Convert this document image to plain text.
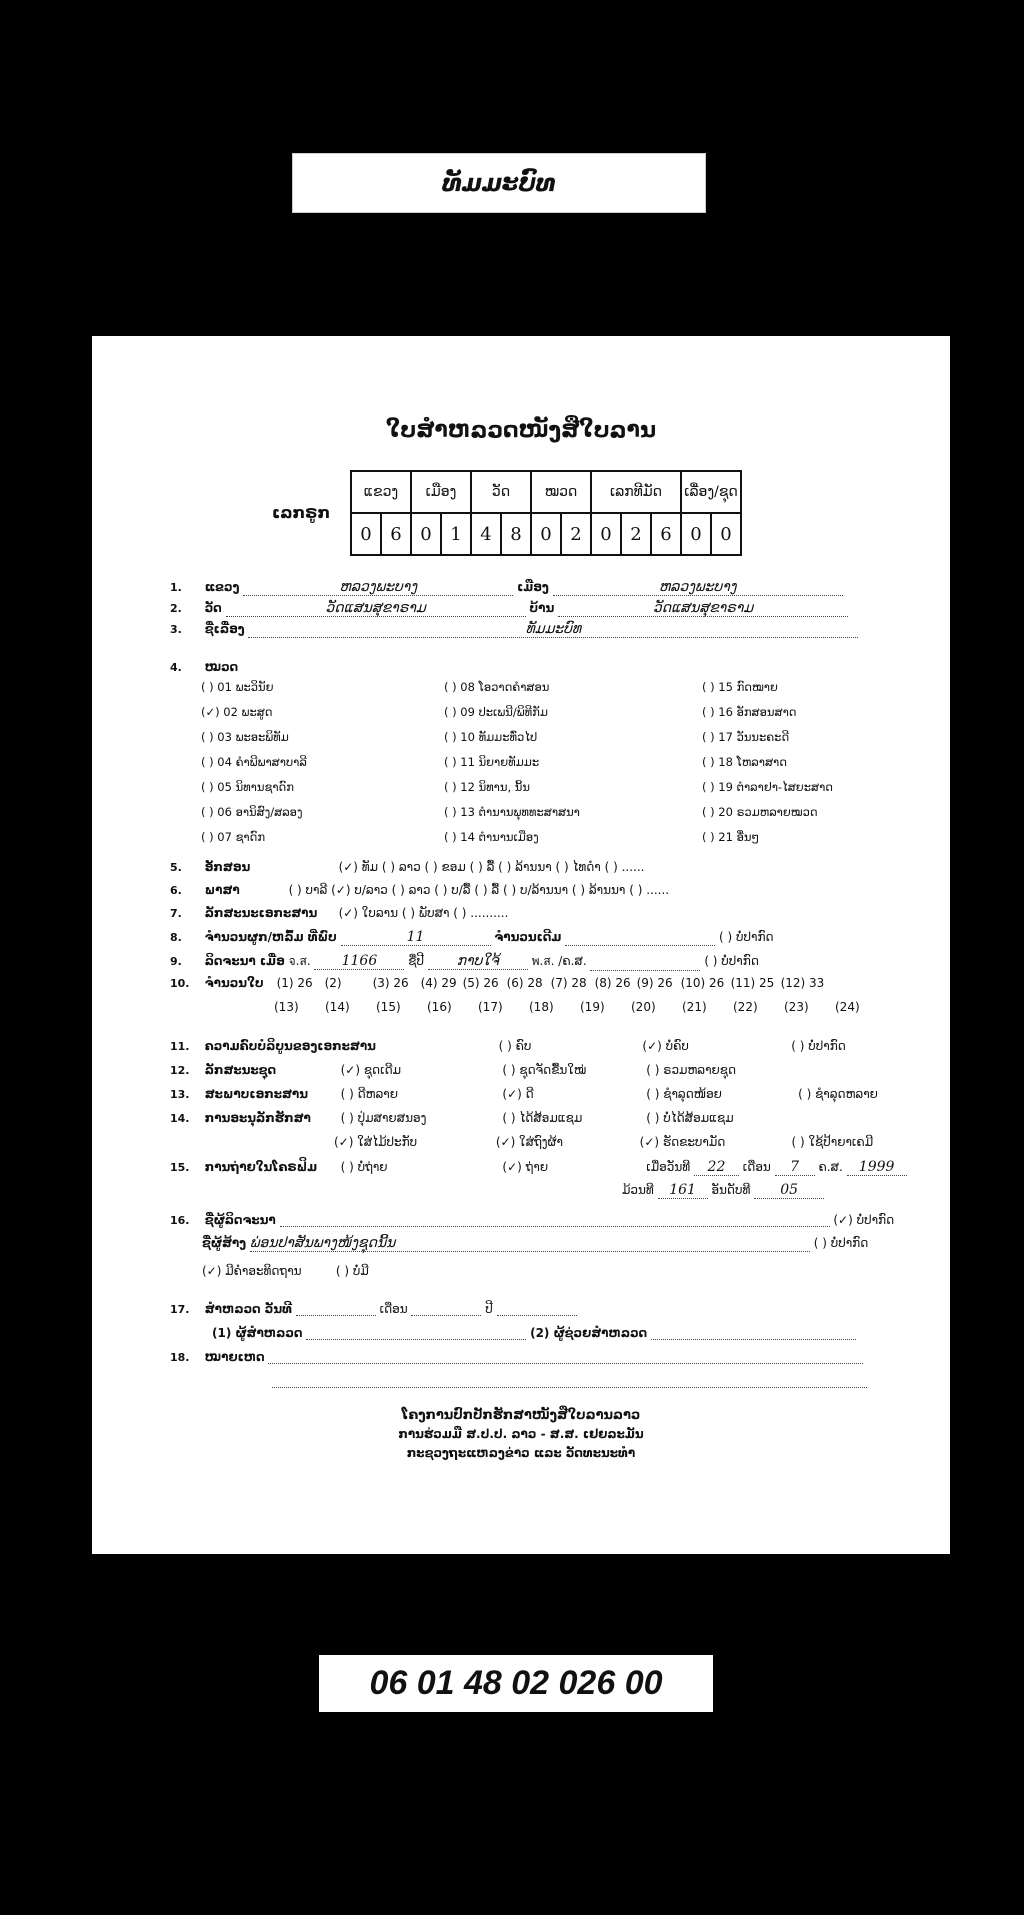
ທັມມະບົທ
ໃບສຳຫລວດໜັງສືໃບລານ
ເລກຣູກ
ແຂວງ		ເມືອງ		ວັດ		ໝວດ		ເລກທີມັດ			ເລື່ອງ/ຊຸດ	
0	6	0	1	4	8	0	2	0	2	6	0	0
1. ແຂວງ	ຫລວງພະບາງ	ເມືອງ	ຫລວງພະບາງ
2. ວັດ	ວັດແສນສຸຂາຣາມ	ບ້ານ	ວັດແສນສຸຂາຣາມ
3. ຊື່ເລື່ອງ	ທັມມະບົທ
4. ໝວດ
( ) 01 ພະວິນັຍ
(✓) 02 ພະສູດ
( ) 03 ພະອະພິທັມ
( ) 04 ຄຳພີພາສາບາລີ
( ) 05 ນິທານຊາດົກ
( ) 06 ອານິສົງ/ສລອງ
( ) 07 ຊາດົກ
( ) 08 ໂອວາດຄຳສອນ
( ) 09 ປະເພນີ/ພິທີກັມ
( ) 10 ທັມມະທົ່ວໄປ
( ) 11 ນິຍາຍທັມມະ
( ) 12 ນິທານ, ນິ້ນ
( ) 13 ຕຳນານພຸທທະສາສນາ
( ) 14 ຕຳນານເມືອງ
( ) 15 ກົດໝາຍ
( ) 16 ອັກສອນສາດ
( ) 17 ວັນນະຄະດີ
( ) 18 ໂຫລາສາດ
( ) 19 ຕຳລາຢາ-ໄສຍະສາດ
( ) 20 ຣວມຫລາຍໝວດ
( ) 21 ອື່ນໆ
5. ອັກສອນ	(✓) ທັມ ( ) ລາວ ( ) ຂອມ ( ) ລື້ ( ) ລ້ານນາ ( ) ໄທດຳ ( ) ......
6. ພາສາ	( ) ບາລີ (✓) ບ/ລາວ ( ) ລາວ ( ) ບ/ລື້ ( ) ລື້ ( ) ບ/ລ້ານນາ ( ) ລ້ານນາ ( ) ......
7. ລັກສະນະເອກະສານ (✓) ໃບລານ ( ) ພັບສາ ( ) ..........
8. ຈຳນວນຜູກ/ຫລົ້ມ ທີ່ພົບ	11	ຈຳນວນເດີມ	( ) ບໍ່ປາກົດ
9. ລິດຈະນາ ເມື່ອ จ.ส. 1166	ຊື່ປີ ກາບໃຈ້	พ.ส. /ຄ.ສ.	( ) ບໍ່ປາກົດ
10. ຈຳນວນໃບ (1) 26 (2)	(3) 26 (4) 29 (5) 26 (6) 28 (7) 28 (8) 26 (9) 26 (10) 26 (11) 25 (12) 33
(13) (14) (15) (16) (17) (18) (19) (20) (21) (22) (23) (24)
11. ຄວາມຄົບບໍລິບູນຂອງເອກະສານ	( ) ຄົບ	(✓) ບໍ່ຄົບ	( ) ບໍ່ປາກົດ
12. ລັກສະນະຊຸດ	(✓) ຊຸດເດີມ	( ) ຊຸດຈັດຂື້ນໃໝ່	( ) ຣວມຫລາຍຊຸດ
13. ສະພາບເອກະສານ	( ) ດີຫລາຍ	(✓) ດີ	( ) ຊຳລຸດໜ້ອຍ	( ) ຊຳລຸດຫລາຍ
14. ການອະນຸລັກຮັກສາ ( ) ປຸ່ມສາຍສນອງ	( ) ໄດ້ສ້ອມແຊມ	( ) ບໍ່ໄດ້ສ້ອມແຊມ
(✓) ໃສ່ໄມ້ປະກັບ	(✓) ໃສ່ຖົງຜ້າ	(✓) ຮັດຂະບາມັດ	( ) ໃຊ້ປ້າຍາເຄມີ
15. ການຖ່າຍໃນໂຄຣຟິມ ( ) ບໍ່ຖ່າຍ	(✓) ຖ່າຍ	ເມື່ອວັນທີ 22 ເດືອນ 7 ຄ.ສ. 1999
ມ້ວນທີ 161 ອັນດັບທີ 05
16. ຊື່ຜູ້ລິດຈະນາ	(✓) ບໍ່ປາກົດ
ຊື່ຜູ້ສ້າງ ພ່ອນປາສັນພາງໜ້ງຊຸດນີ້ນ	( ) ບໍ່ປາກົດ
(✓) ມີຄຳອະທິດຖານ	( ) ບໍ່ມີ
17. ສຳຫລວດ ວັນທີ	ເດືອນ	ປີ
(1) ຜູ້ສຳຫລວດ	(2) ຜູ້ຊ່ວຍສຳຫລວດ
18. ໝາຍເຫດ
ໂຄງການປົກປັກຮັກສາໜັງສືໃບລານລາວ
ການຮ່ວມມື ສ.ປ.ປ. ລາວ - ສ.ສ. ເຢຍລະມັນ
ກະຊວງຖະແຫລງຂ່າວ ແລະ ວັດທະນະທຳ
06 01 48 02 026 00
